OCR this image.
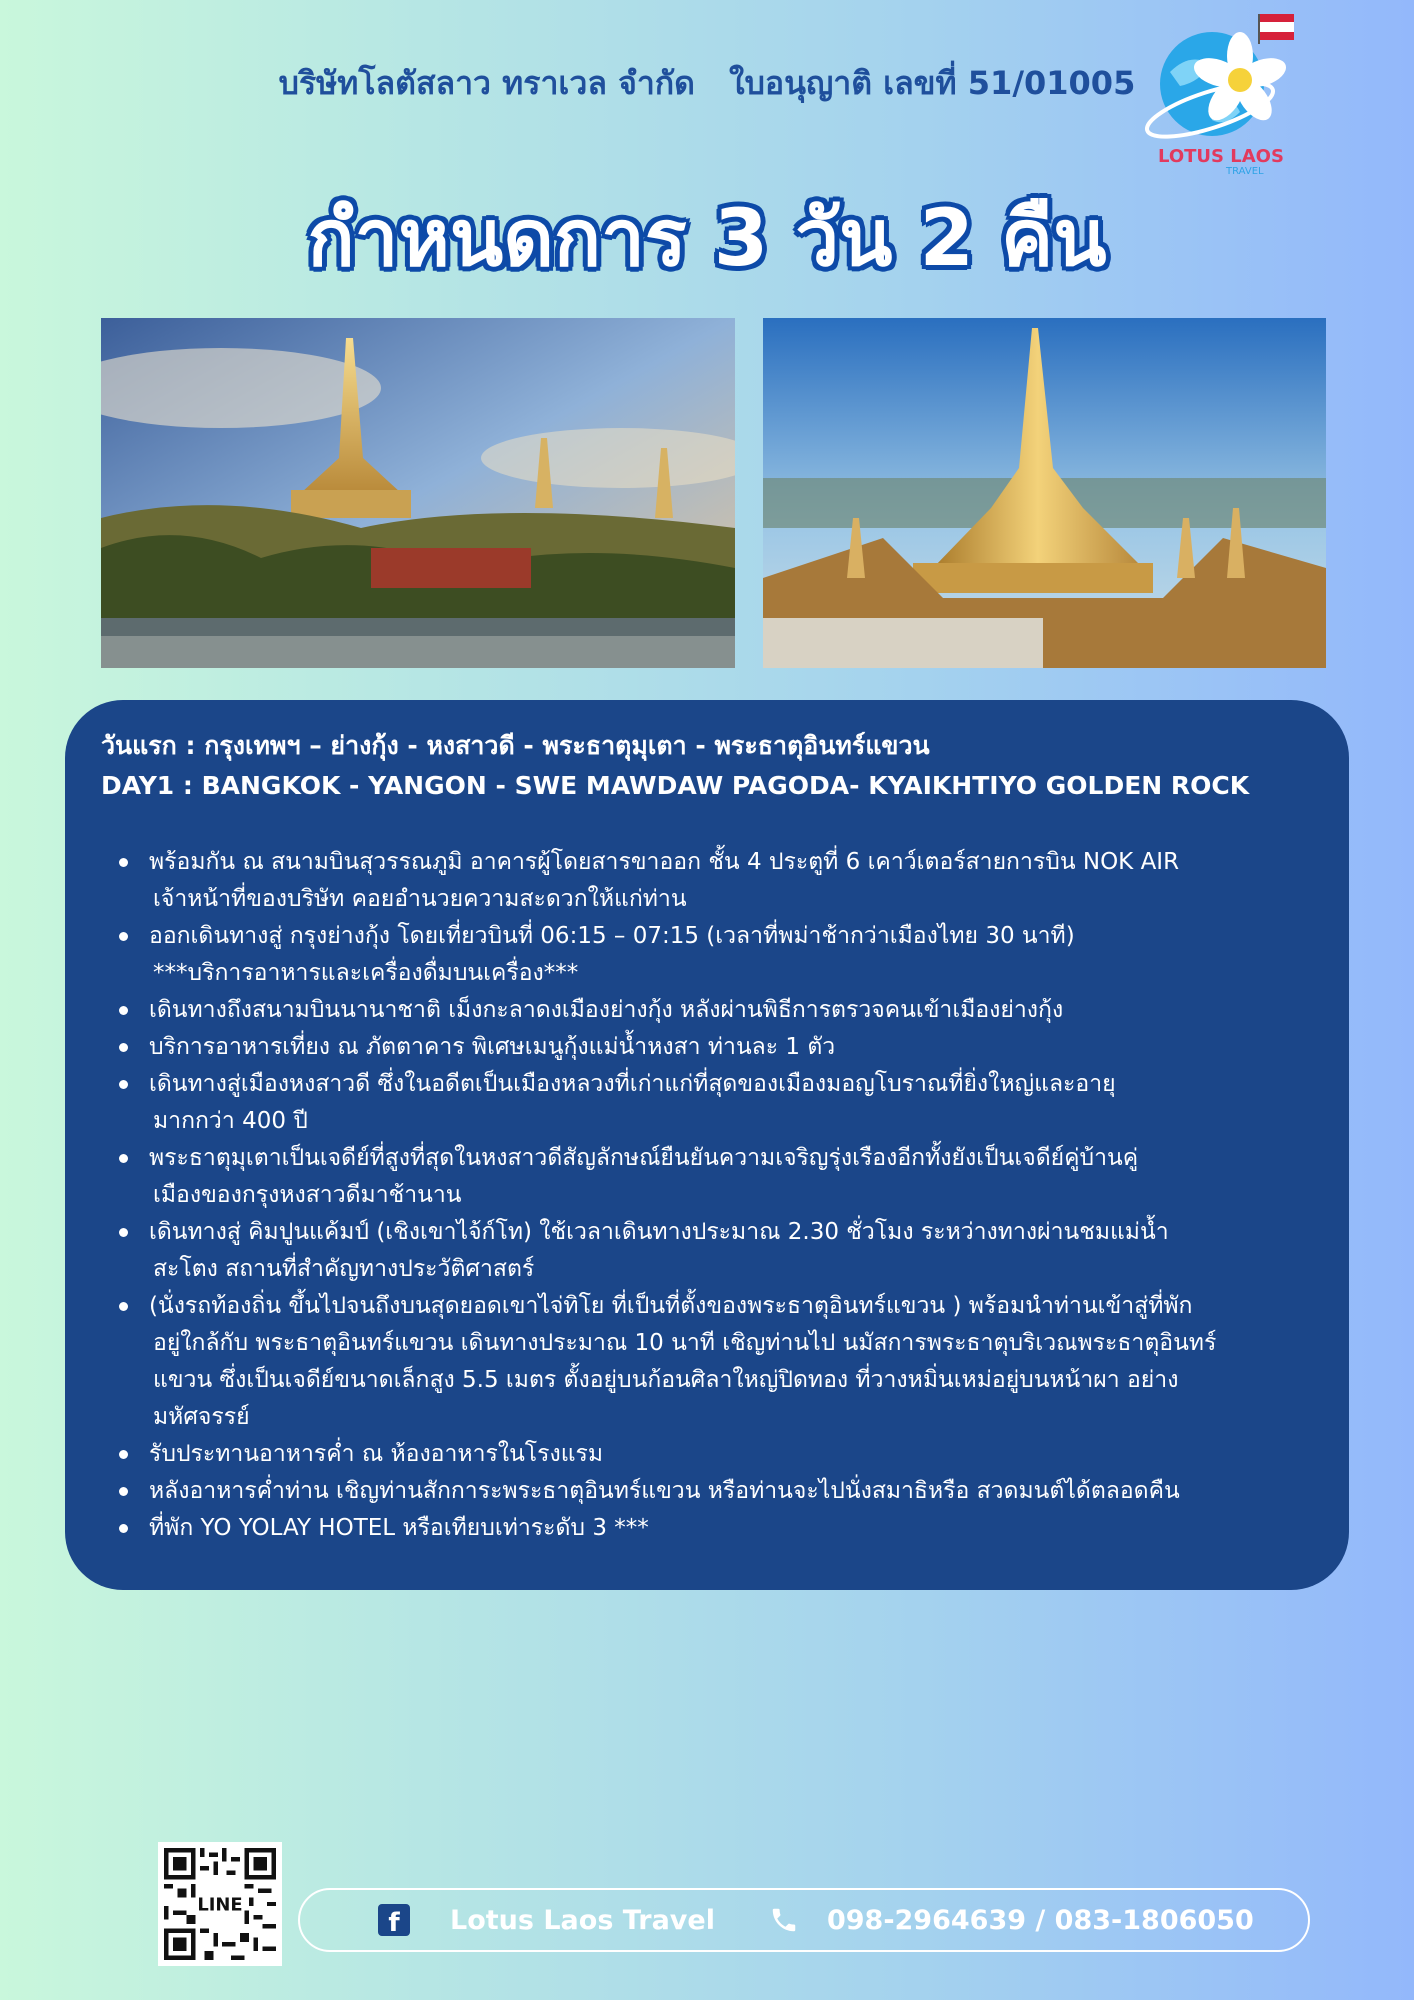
บริษัทโลตัสลาว ทราเวล จำกัด ใบอนุญาติ เลขที่ 51/01005
LOTUS LAOS
TRAVEL
กำหนดการ 3 วัน 2 คืน
วันแรก : กรุงเทพฯ – ย่างกุ้ง - หงสาวดี - พระธาตุมุเตา - พระธาตุอินทร์แขวน
DAY1 : BANGKOK - YANGON - SWE MAWDAW PAGODA- KYAIKHTIYO GOLDEN ROCK
พร้อมกัน ณ สนามบินสุวรรณภูมิ อาคารผู้โดยสารขาออก ชั้น 4 ประตูที่ 6 เคาว์เตอร์สายการบิน NOK AIR
เจ้าหน้าที่ของบริษัท คอยอำนวยความสะดวกให้แก่ท่าน
ออกเดินทางสู่ กรุงย่างกุ้ง โดยเที่ยวบินที่ 06:15 – 07:15 (เวลาที่พม่าช้ากว่าเมืองไทย 30 นาที)
***บริการอาหารและเครื่องดื่มบนเครื่อง***
เดินทางถึงสนามบินนานาชาติ เม็งกะลาดงเมืองย่างกุ้ง หลังผ่านพิธีการตรวจคนเข้าเมืองย่างกุ้ง
บริการอาหารเที่ยง ณ ภัตตาคาร พิเศษเมนูกุ้งแม่น้ำหงสา ท่านละ 1 ตัว
เดินทางสู่เมืองหงสาวดี ซึ่งในอดีตเป็นเมืองหลวงที่เก่าแก่ที่สุดของเมืองมอญโบราณที่ยิ่งใหญ่และอายุ
มากกว่า 400 ปี
พระธาตุมุเตาเป็นเจดีย์ที่สูงที่สุดในหงสาวดีสัญลักษณ์ยืนยันความเจริญรุ่งเรืองอีกทั้งยังเป็นเจดีย์คู่บ้านคู่
เมืองของกรุงหงสาวดีมาช้านาน
เดินทางสู่ คิมปูนแค้มป์ (เชิงเขาไจ้ก์โท) ใช้เวลาเดินทางประมาณ 2.30 ชั่วโมง ระหว่างทางผ่านชมแม่น้ำ
สะโตง สถานที่สำคัญทางประวัติศาสตร์
(นั่งรถท้องถิ่น ขึ้นไปจนถึงบนสุดยอดเขาไจ่ทิโย ที่เป็นที่ตั้งของพระธาตุอินทร์แขวน ) พร้อมนำท่านเข้าสู่ที่พัก
อยู่ใกล้กับ พระธาตุอินทร์แขวน เดินทางประมาณ 10 นาที เชิญท่านไป นมัสการพระธาตุบริเวณพระธาตุอินทร์
แขวน ซึ่งเป็นเจดีย์ขนาดเล็กสูง 5.5 เมตร ตั้งอยู่บนก้อนศิลาใหญ่ปิดทอง ที่วางหมิ่นเหม่อยู่บนหน้าผา อย่าง
มหัศจรรย์
รับประทานอาหารค่ำ ณ ห้องอาหารในโรงแรม
หลังอาหารค่ำท่าน เชิญท่านสักการะพระธาตุอินทร์แขวน หรือท่านจะไปนั่งสมาธิหรือ สวดมนต์ได้ตลอดคืน
ที่พัก YO YOLAY HOTEL หรือเทียบเท่าระดับ 3 ***
LINE
f	Lotus Laos Travel	098-2964639 / 083-1806050
